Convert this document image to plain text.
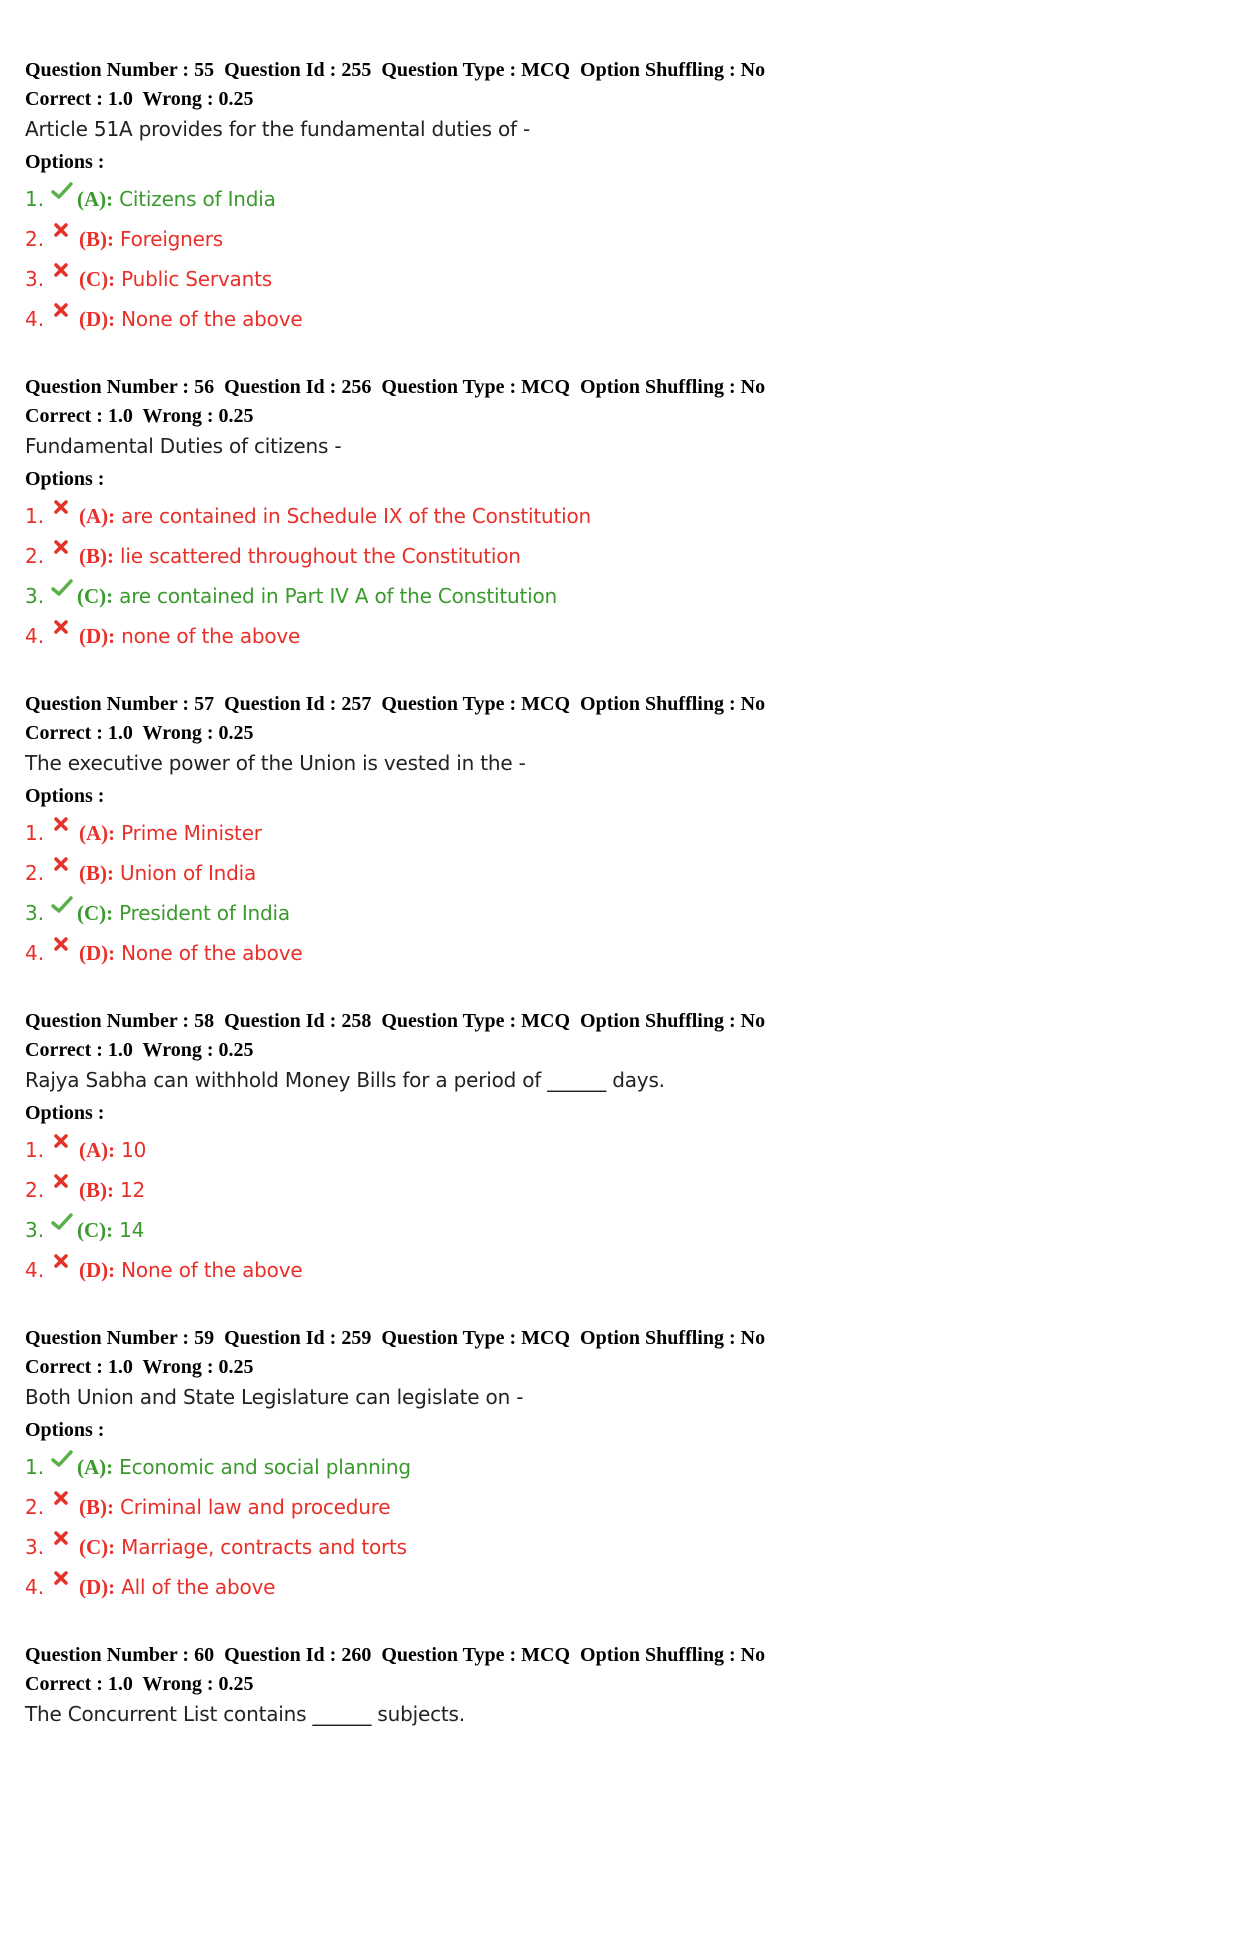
Question Number : 55  Question Id : 255  Question Type : MCQ  Option Shuffling : No
Correct : 1.0  Wrong : 0.25
Article 51A provides for the fundamental duties of -
Options :
1.	(A): Citizens of India
2.	(B): Foreigners
3.	(C): Public Servants
4.	(D): None of the above
Question Number : 56  Question Id : 256  Question Type : MCQ  Option Shuffling : No
Correct : 1.0  Wrong : 0.25
Fundamental Duties of citizens -
Options :
1.	(A): are contained in Schedule IX of the Constitution
2.	(B): lie scattered throughout the Constitution
3.	(C): are contained in Part IV A of the Constitution
4.	(D): none of the above
Question Number : 57  Question Id : 257  Question Type : MCQ  Option Shuffling : No
Correct : 1.0  Wrong : 0.25
The executive power of the Union is vested in the -
Options :
1.	(A): Prime Minister
2.	(B): Union of India
3.	(C): President of India
4.	(D): None of the above
Question Number : 58  Question Id : 258  Question Type : MCQ  Option Shuffling : No
Correct : 1.0  Wrong : 0.25
Rajya Sabha can withhold Money Bills for a period of ______ days.
Options :
1.	(A): 10
2.	(B): 12
3.	(C): 14
4.	(D): None of the above
Question Number : 59  Question Id : 259  Question Type : MCQ  Option Shuffling : No
Correct : 1.0  Wrong : 0.25
Both Union and State Legislature can legislate on -
Options :
1.	(A): Economic and social planning
2.	(B): Criminal law and procedure
3.	(C): Marriage, contracts and torts
4.	(D): All of the above
Question Number : 60  Question Id : 260  Question Type : MCQ  Option Shuffling : No
Correct : 1.0  Wrong : 0.25
The Concurrent List contains ______ subjects.
